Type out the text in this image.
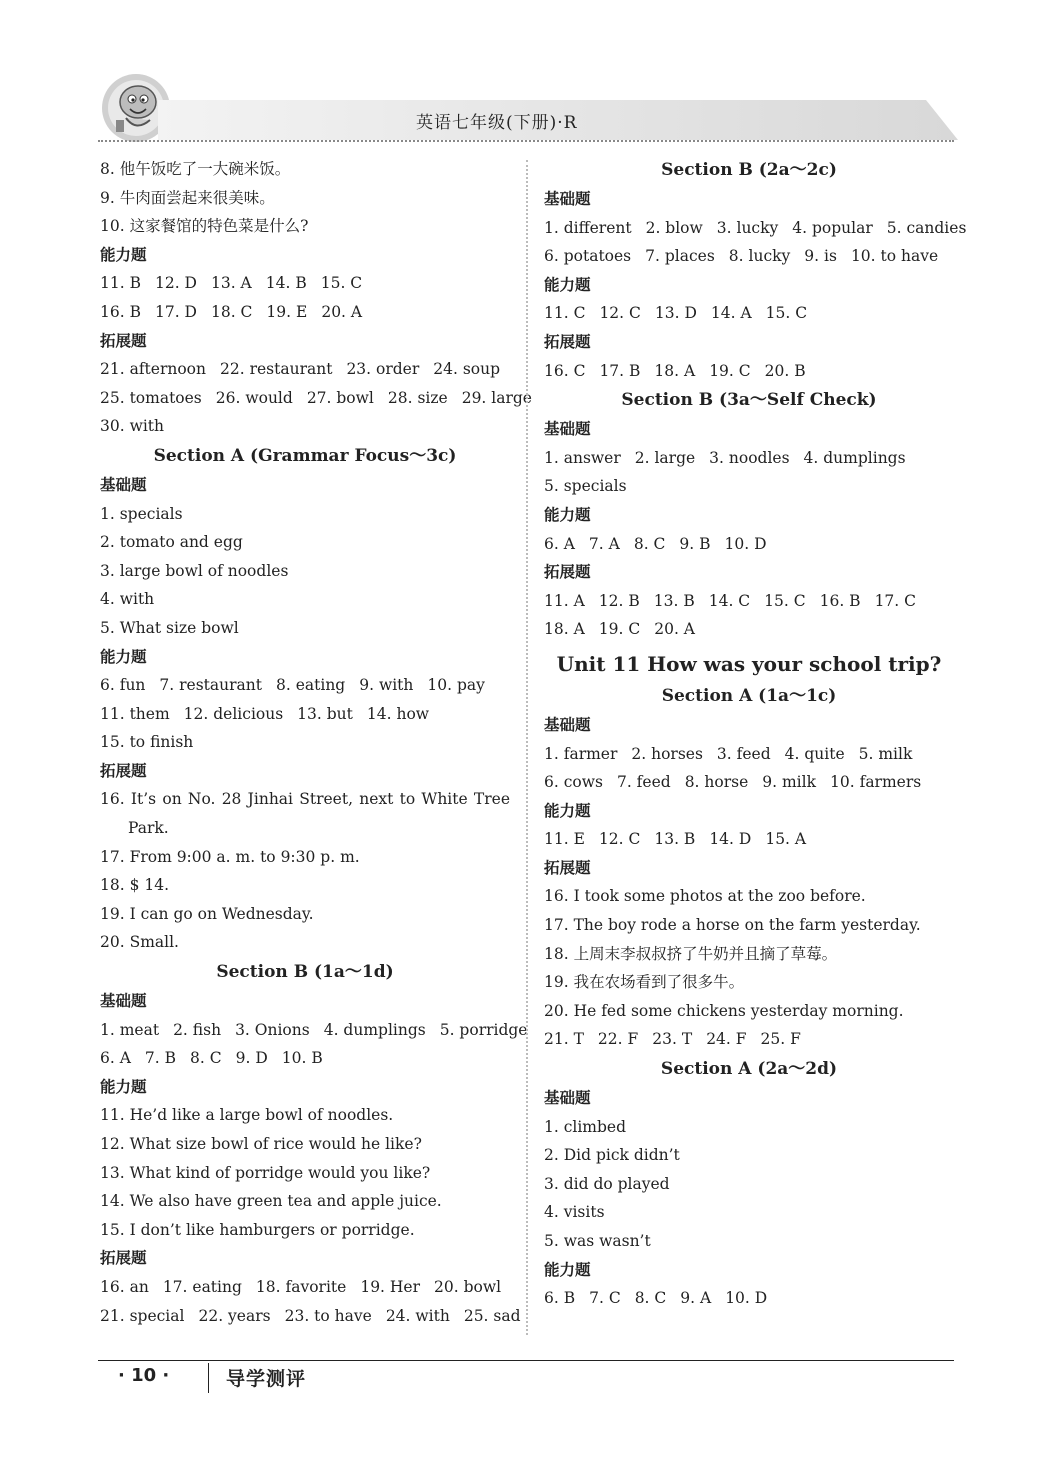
英语七年级(下册)·R
8. 他午饭吃了一大碗米饭。
9. 牛肉面尝起来很美味。
10. 这家餐馆的特色菜是什么?
能力题
11. B 12. D 13. A 14. B 15. C
16. B 17. D 18. C 19. E 20. A
拓展题
21. afternoon 22. restaurant 23. order 24. soup
25. tomatoes 26. would 27. bowl 28. size 29. large
30. with
Section A (Grammar Focus～3c)
基础题
1. specials
2. tomato and egg
3. large bowl of noodles
4. with
5. What size bowl
能力题
6. fun 7. restaurant 8. eating 9. with 10. pay
11. them 12. delicious 13. but 14. how
15. to finish
拓展题
16. It’s on No. 28 Jinhai Street, next to White Tree
Park.
17. From 9:00 a. m. to 9:30 p. m.
18. $ 14.
19. I can go on Wednesday.
20. Small.
Section B (1a～1d)
基础题
1. meat 2. fish 3. Onions 4. dumplings 5. porridge
6. A 7. B 8. C 9. D 10. B
能力题
11. He’d like a large bowl of noodles.
12. What size bowl of rice would he like?
13. What kind of porridge would you like?
14. We also have green tea and apple juice.
15. I don’t like hamburgers or porridge.
拓展题
16. an 17. eating 18. favorite 19. Her 20. bowl
21. special 22. years 23. to have 24. with 25. sad
Section B (2a～2c)
基础题
1. different 2. blow 3. lucky 4. popular 5. candies
6. potatoes 7. places 8. lucky 9. is 10. to have
能力题
11. C 12. C 13. D 14. A 15. C
拓展题
16. C 17. B 18. A 19. C 20. B
Section B (3a～Self Check)
基础题
1. answer 2. large 3. noodles 4. dumplings
5. specials
能力题
6. A 7. A 8. C 9. B 10. D
拓展题
11. A 12. B 13. B 14. C 15. C 16. B 17. C
18. A 19. C 20. A
Unit 11 How was your school trip?
Section A (1a～1c)
基础题
1. farmer 2. horses 3. feed 4. quite 5. milk
6. cows 7. feed 8. horse 9. milk 10. farmers
能力题
11. E 12. C 13. B 14. D 15. A
拓展题
16. I took some photos at the zoo before.
17. The boy rode a horse on the farm yesterday.
18. 上周末李叔叔挤了牛奶并且摘了草莓。
19. 我在农场看到了很多牛。
20. He fed some chickens yesterday morning.
21. T 22. F 23. T 24. F 25. F
Section A (2a～2d)
基础题
1. climbed
2. Did pick didn’t
3. did do played
4. visits
5. was wasn’t
能力题
6. B 7. C 8. C 9. A 10. D
· 10 ·	导学测评
